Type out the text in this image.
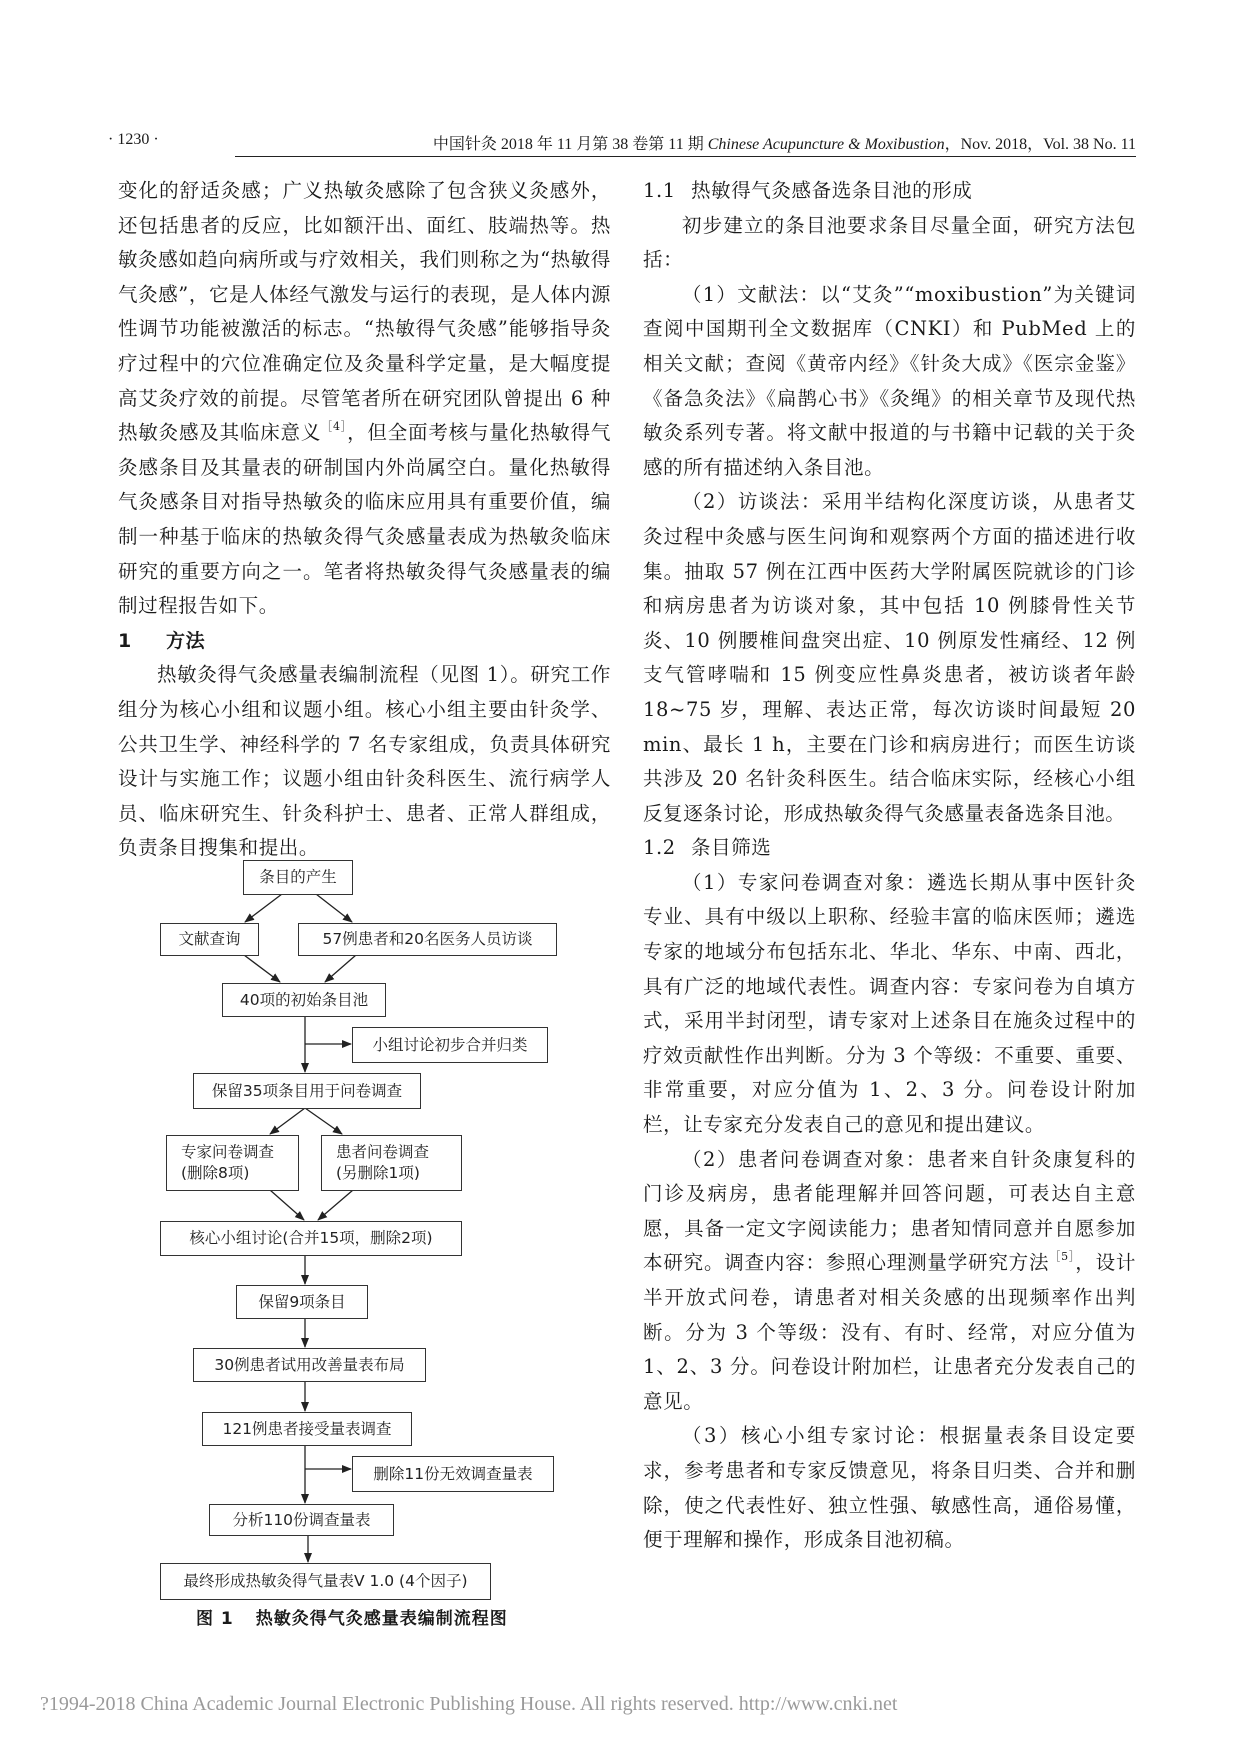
· 1230 ·	中国针灸 2018 年 11 月第 38 卷第 11 期 Chinese Acupuncture & Moxibustion，Nov. 2018，Vol. 38 No. 11

变化的舒适灸感；广义热敏灸感除了包含狭义灸感外，还包括患者的反应，比如额汗出、面红、肢端热等。热敏灸感如趋向病所或与疗效相关，我们则称之为“热敏得气灸感”，它是人体经气激发与运行的表现，是人体内源性调节功能被激活的标志。“热敏得气灸感”能够指导灸疗过程中的穴位准确定位及灸量科学定量，是大幅度提高艾灸疗效的前提。尽管笔者所在研究团队曾提出 6 种热敏灸感及其临床意义$^{[4]}$，但全面考核与量化热敏得气灸感条目及其量表的研制国内外尚属空白。量化热敏得气灸感条目对指导热敏灸的临床应用具有重要价值，编制一种基于临床的热敏灸得气灸感量表成为热敏灸临床研究的重要方向之一。笔者将热敏灸得气灸感量表的编制过程报告如下。

1 方法

热敏灸得气灸感量表编制流程（见图 1）。研究工作组分为核心小组和议题小组。核心小组主要由针灸学、公共卫生学、神经科学的 7 名专家组成，负责具体研究设计与实施工作；议题小组由针灸科医生、流行病学人员、临床研究生、针灸科护士、患者、正常人群组成，负责条目搜集和提出。

条目的产生
文献查询	57例患者和20名医务人员访谈
40项的初始条目池
小组讨论初步合并归类
保留35项条目用于问卷调查
专家问卷调查
(删除8项)
患者问卷调查
(另删除1项)
核心小组讨论(合并15项，删除2项)
保留9项条目
30例患者试用改善量表布局
121例患者接受量表调查
删除11份无效调查量表
分析110份调查量表
最终形成热敏灸得气量表V 1.0 (4个因子)
图 1 热敏灸得气灸感量表编制流程图
1.1 热敏得气灸感备选条目池的形成

初步建立的条目池要求条目尽量全面，研究方法包括：

（1）文献法：以“艾灸”“moxibustion”为关键词查阅中国期刊全文数据库（CNKI）和 PubMed 上的相关文献；查阅《黄帝内经》《针灸大成》《医宗金鉴》《备急灸法》《扁鹊心书》《灸绳》的相关章节及现代热敏灸系列专著。将文献中报道的与书籍中记载的关于灸感的所有描述纳入条目池。

（2）访谈法：采用半结构化深度访谈，从患者艾灸过程中灸感与医生问询和观察两个方面的描述进行收集。抽取 57 例在江西中医药大学附属医院就诊的门诊和病房患者为访谈对象，其中包括 10 例膝骨性关节炎、10 例腰椎间盘突出症、10 例原发性痛经、12 例支气管哮喘和 15 例变应性鼻炎患者，被访谈者年龄 18~75 岁，理解、表达正常，每次访谈时间最短 20 min、最长 1 h，主要在门诊和病房进行；而医生访谈共涉及 20 名针灸科医生。结合临床实际，经核心小组反复逐条讨论，形成热敏灸得气灸感量表备选条目池。

1.2 条目筛选

（1）专家问卷调查对象：遴选长期从事中医针灸专业、具有中级以上职称、经验丰富的临床医师；遴选专家的地域分布包括东北、华北、华东、中南、西北，具有广泛的地域代表性。调查内容：专家问卷为自填方式，采用半封闭型，请专家对上述条目在施灸过程中的疗效贡献性作出判断。分为 3 个等级：不重要、重要、非常重要，对应分值为 1、2、3 分。问卷设计附加栏，让专家充分发表自己的意见和提出建议。

（2）患者问卷调查对象：患者来自针灸康复科的门诊及病房，患者能理解并回答问题，可表达自主意愿，具备一定文字阅读能力；患者知情同意并自愿参加本研究。调查内容：参照心理测量学研究方法$^{[5]}$，设计半开放式问卷，请患者对相关灸感的出现频率作出判断。分为 3 个等级：没有、有时、经常，对应分值为 1、2、3 分。问卷设计附加栏，让患者充分发表自己的意见。

（3）核心小组专家讨论：根据量表条目设定要求，参考患者和专家反馈意见，将条目归类、合并和删除，使之代表性好、独立性强、敏感性高，通俗易懂，便于理解和操作，形成条目池初稿。

?1994-2018 China Academic Journal Electronic Publishing House. All rights reserved. http://www.cnki.net
